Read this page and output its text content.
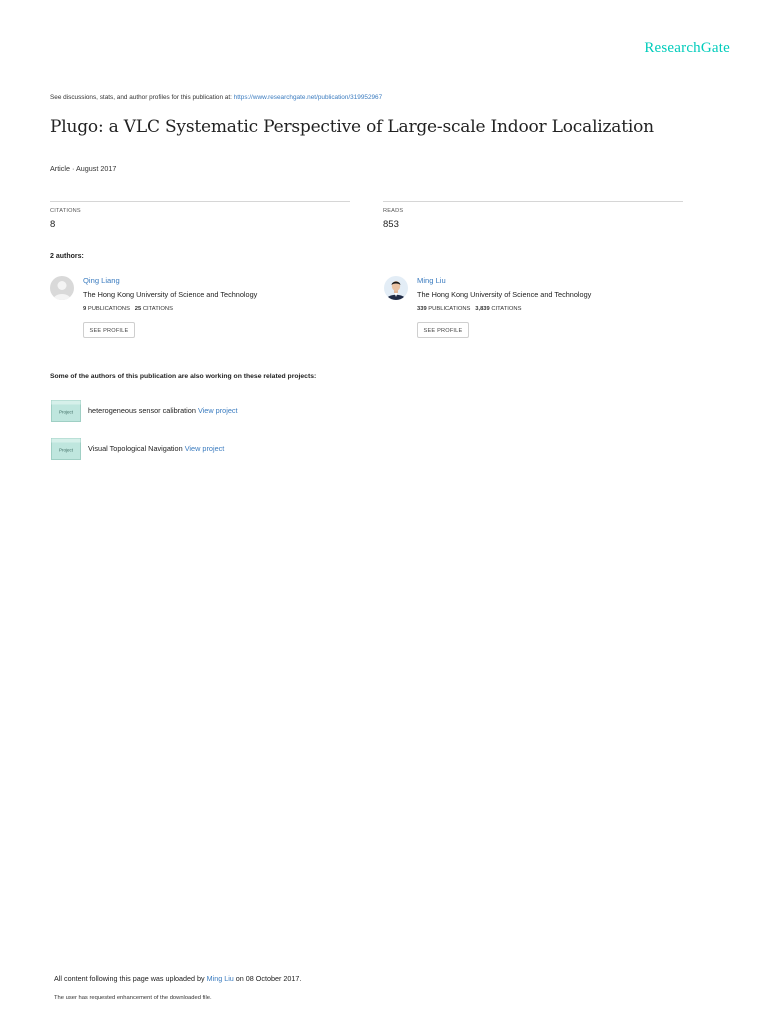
ResearchGate
See discussions, stats, and author profiles for this publication at: https://www.researchgate.net/publication/319952967
Plugo: a VLC Systematic Perspective of Large-scale Indoor Localization
Article · August 2017
CITATIONS
8
READS
853
2 authors:
Qing Liang
The Hong Kong University of Science and Technology
9 PUBLICATIONS 25 CITATIONS
SEE PROFILE
Ming Liu
The Hong Kong University of Science and Technology
339 PUBLICATIONS 3,839 CITATIONS
SEE PROFILE
Some of the authors of this publication are also working on these related projects:
Project heterogeneous sensor calibration View project
Project Visual Topological Navigation View project
All content following this page was uploaded by Ming Liu on 08 October 2017.
The user has requested enhancement of the downloaded file.
